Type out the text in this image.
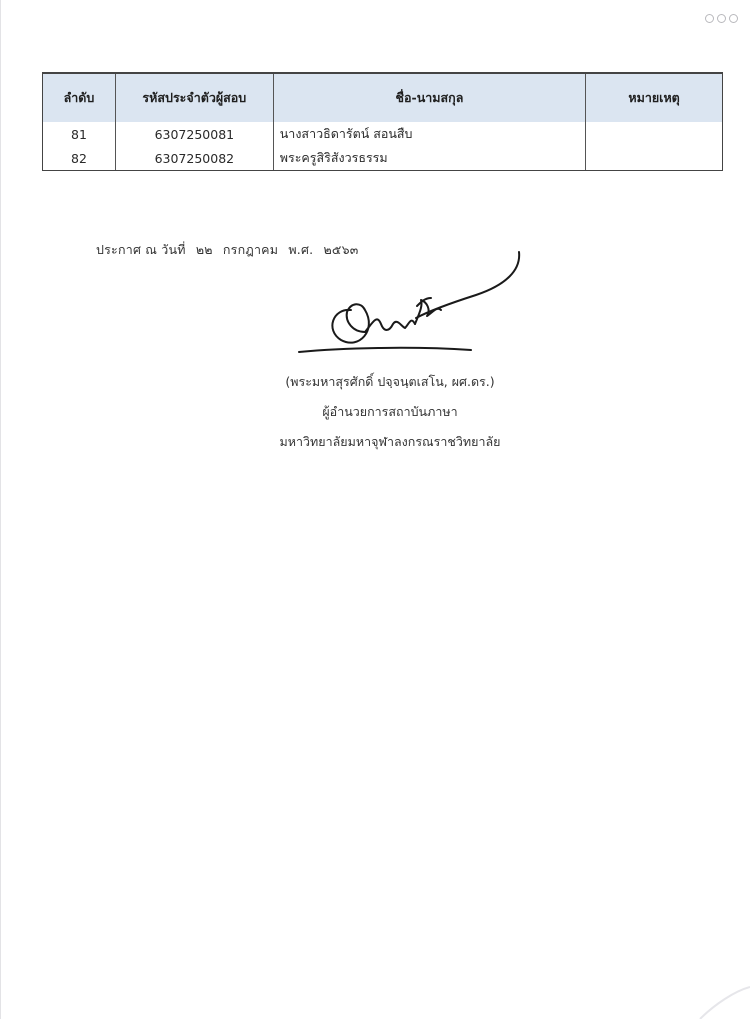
ลำดับ	รหัสประจำตัวผู้สอบ	ชื่อ-นามสกุล	หมายเหตุ
81	6307250081	นางสาวธิดารัตน์ สอนสืบ	
82	6307250082	พระครูสิริสังวรธรรม	
ประกาศ ณ วันที่ ๒๒ กรกฎาคม พ.ศ. ๒๕๖๓
(พระมหาสุรศักดิ์ ปจฺจนฺตเสโน, ผศ.ดร.)
ผู้อำนวยการสถาบันภาษา
มหาวิทยาลัยมหาจุฬาลงกรณราชวิทยาลัย
